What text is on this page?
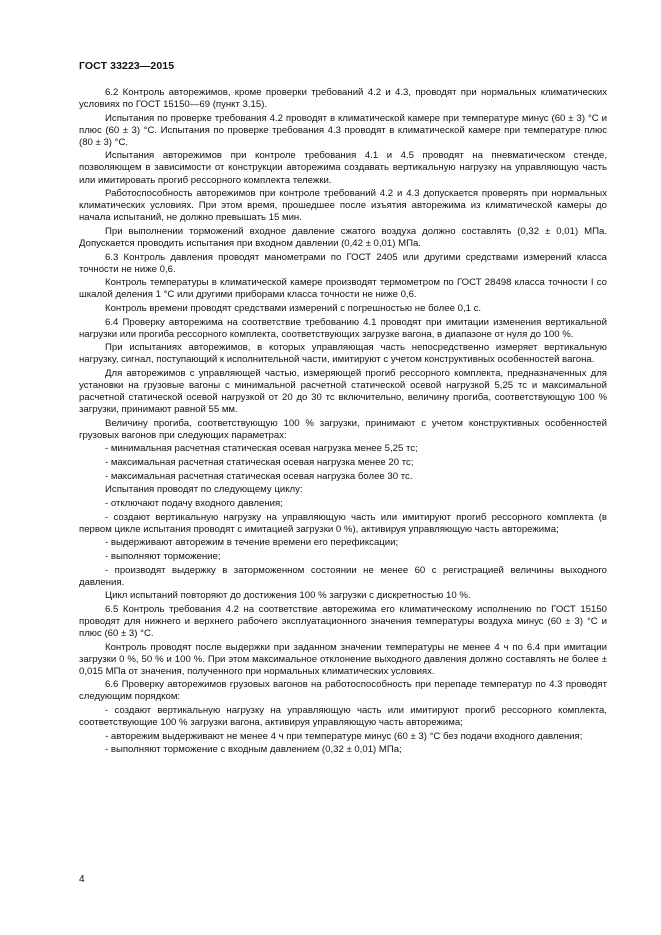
ГОСТ 33223—2015

6.2 Контроль авторежимов, кроме проверки требований 4.2 и 4.3, проводят при нормальных климатических условиях по ГОСТ 15150—69 (пункт 3.15).

Испытания по проверке требования 4.2 проводят в климатической камере при температуре минус (60 ± 3) °С и плюс (60 ± 3) °С. Испытания по проверке требования 4.3 проводят в климатической камере при температуре плюс (80 ± 3) °С.

Испытания авторежимов при контроле требования 4.1 и 4.5 проводят на пневматическом стенде, позволяющем в зависимости от конструкции авторежима создавать вертикальную нагрузку на управляющую часть или имитировать прогиб рессорного комплекта тележки.

Работоспособность авторежимов при контроле требований 4.2 и 4.3 допускается проверять при нормальных климатических условиях. При этом время, прошедшее после изъятия авторежима из климатической камеры до начала испытаний, не должно превышать 15 мин.

При выполнении торможений входное давление сжатого воздуха должно составлять (0,32 ± 0,01) МПа. Допускается проводить испытания при входном давлении (0,42 ± 0,01) МПа.

6.3 Контроль давления проводят манометрами по ГОСТ 2405 или другими средствами измерений класса точности не ниже 0,6.

Контроль температуры в климатической камере производят термометром по ГОСТ 28498 класса точности I со шкалой деления 1 °С или другими приборами класса точности не ниже 0,6.

Контроль времени проводят средствами измерений с погрешностью не более 0,1 с.

6.4 Проверку авторежима на соответствие требованию 4.1 проводят при имитации изменения вертикальной нагрузки или прогиба рессорного комплекта, соответствующих загрузке вагона, в диапазоне от нуля до 100 %.

При испытаниях авторежимов, в которых управляющая часть непосредственно измеряет вертикальную нагрузку, сигнал, поступающий к исполнительной части, имитируют с учетом конструктивных особенностей вагона.

Для авторежимов с управляющей частью, измеряющей прогиб рессорного комплекта, предназначенных для установки на грузовые вагоны с минимальной расчетной статической осевой нагрузкой 5,25 тс и максимальной расчетной статической осевой нагрузкой от 20 до 30 тс включительно, величину прогиба, соответствующую 100 % загрузки, принимают равной 55 мм.

Величину прогиба, соответствующую 100 % загрузки, принимают с учетом конструктивных особенностей грузовых вагонов при следующих параметрах:

- минимальная расчетная статическая осевая нагрузка менее 5,25 тс;

- максимальная расчетная статическая осевая нагрузка менее 20 тс;

- максимальная расчетная статическая осевая нагрузка более 30 тс.

Испытания проводят по следующему циклу:

- отключают подачу входного давления;

- создают вертикальную нагрузку на управляющую часть или имитируют прогиб рессорного комплекта (в первом цикле испытания проводят с имитацией загрузки 0 %), активируя управляющую часть авторежима;

- выдерживают авторежим в течение времени его перефиксации;

- выполняют торможение;

- производят выдержку в заторможенном состоянии не менее 60 с регистрацией величины выходного давления.

Цикл испытаний повторяют до достижения 100 % загрузки с дискретностью 10 %.

6.5 Контроль требования 4.2 на соответствие авторежима его климатическому исполнению по ГОСТ 15150 проводят для нижнего и верхнего рабочего эксплуатационного значения температуры воздуха минус (60 ± 3) °С и плюс (60 ± 3) °С.

Контроль проводят после выдержки при заданном значении температуры не менее 4 ч по 6.4 при имитации загрузки 0 %, 50 % и 100 %. При этом максимальное отклонение выходного давления должно составлять не более ± 0,015 МПа от значения, полученного при нормальных климатических условиях.

6.6 Проверку авторежимов грузовых вагонов на работоспособность при перепаде температур по 4.3 проводят следующим порядком:

- создают вертикальную нагрузку на управляющую часть или имитируют прогиб рессорного комплекта, соответствующие 100 % загрузки вагона, активируя управляющую часть авторежима;

- авторежим выдерживают не менее 4 ч при температуре минус (60 ± 3) °С без подачи входного давления;

- выполняют торможение с входным давлением (0,32 ± 0,01) МПа;

4
